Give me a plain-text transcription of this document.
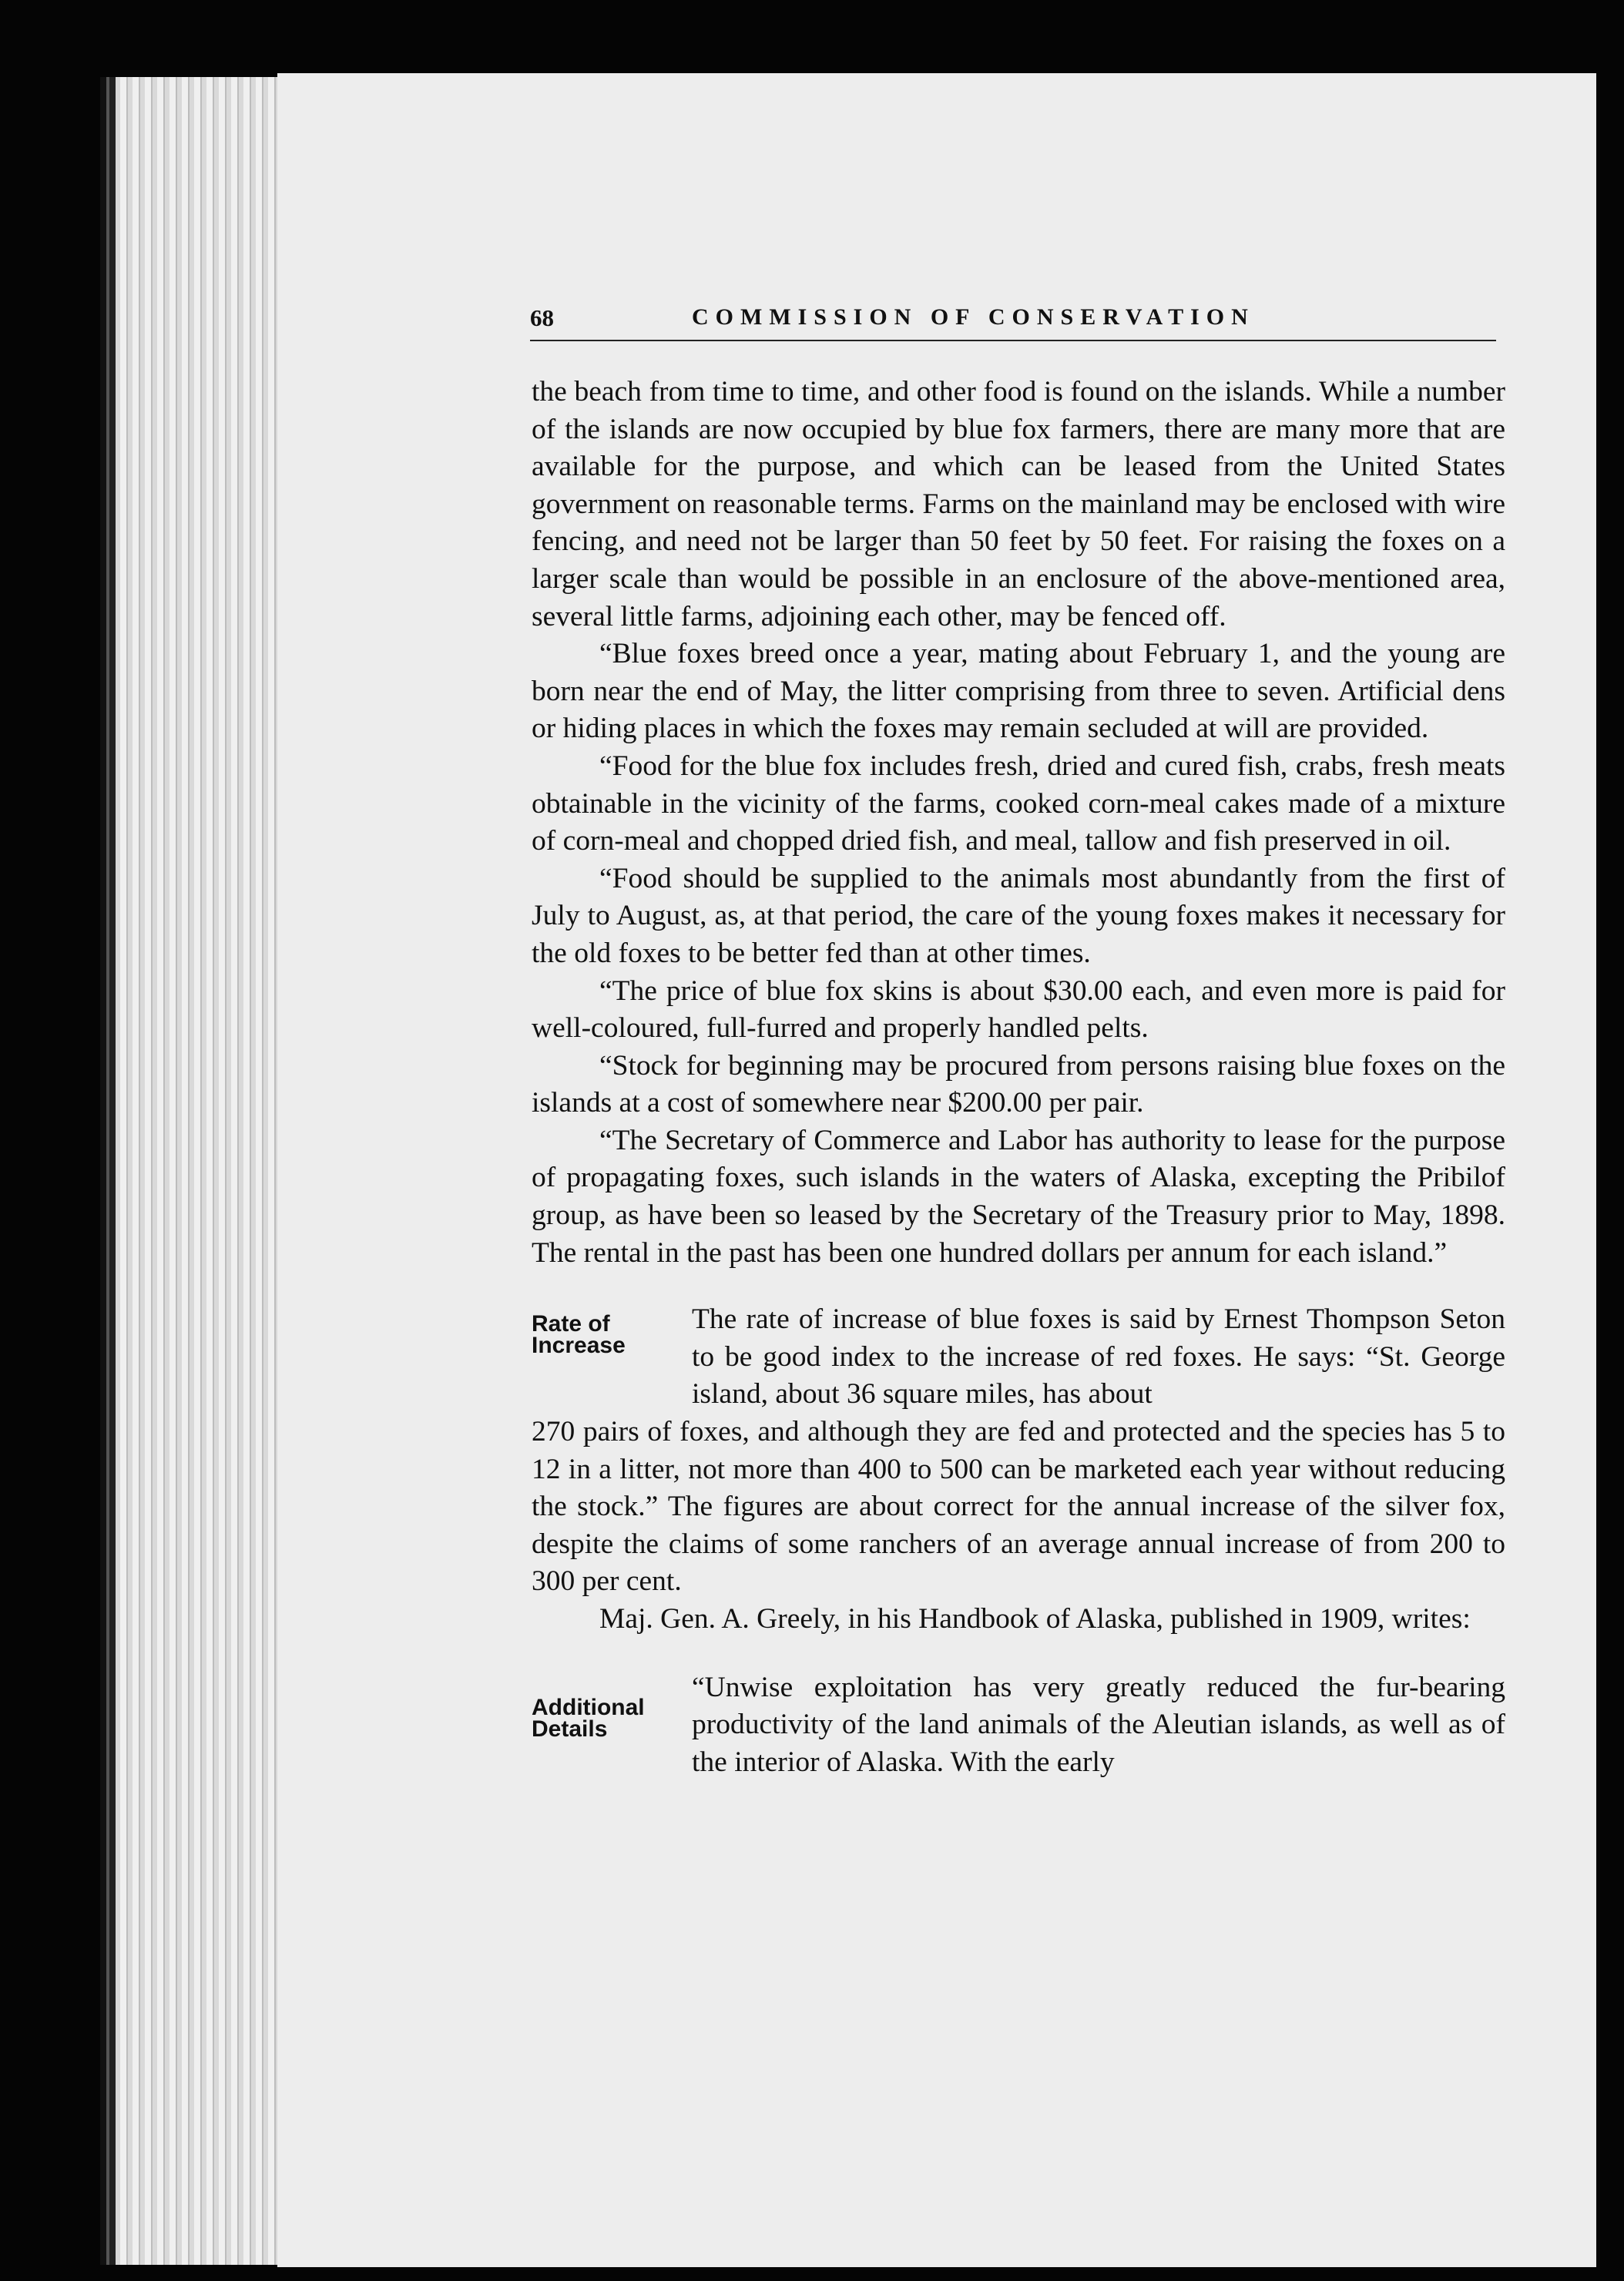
68	COMMISSION OF CONSERVATION

the beach from time to time, and other food is found on the islands. While a number of the islands are now occupied by blue fox farmers, there are many more that are available for the purpose, and which can be leased from the United States government on reasonable terms. Farms on the mainland may be enclosed with wire fencing, and need not be larger than 50 feet by 50 feet. For raising the foxes on a larger scale than would be possible in an enclosure of the above-mentioned area, several little farms, adjoining each other, may be fenced off.

“Blue foxes breed once a year, mating about February 1, and the young are born near the end of May, the litter comprising from three to seven. Artificial dens or hiding places in which the foxes may remain secluded at will are provided.

“Food for the blue fox includes fresh, dried and cured fish, crabs, fresh meats obtainable in the vicinity of the farms, cooked corn-meal cakes made of a mixture of corn-meal and chopped dried fish, and meal, tallow and fish preserved in oil.

“Food should be supplied to the animals most abundantly from the first of July to August, as, at that period, the care of the young foxes makes it necessary for the old foxes to be better fed than at other times.

“The price of blue fox skins is about $30.00 each, and even more is paid for well-coloured, full-furred and properly handled pelts.

“Stock for beginning may be procured from persons raising blue foxes on the islands at a cost of somewhere near $200.00 per pair.

“The Secretary of Commerce and Labor has authority to lease for the purpose of propagating foxes, such islands in the waters of Alaska, excepting the Pribilof group, as have been so leased by the Secretary of the Treasury prior to May, 1898. The rental in the past has been one hundred dollars per annum for each island.”

Rate of Increase

The rate of increase of blue foxes is said by Ernest Thompson Seton to be good index to the increase of red foxes. He says: “St. George island, about 36 square miles, has about

270 pairs of foxes, and although they are fed and protected and the species has 5 to 12 in a litter, not more than 400 to 500 can be marketed each year without reducing the stock.” The figures are about correct for the annual increase of the silver fox, despite the claims of some ranchers of an average annual increase of from 200 to 300 per cent.

Maj. Gen. A. Greely, in his Handbook of Alaska, published in 1909, writes:

Additional Details

“Unwise exploitation has very greatly reduced the fur-bearing productivity of the land animals of the Aleutian islands, as well as of the interior of Alaska. With the early
